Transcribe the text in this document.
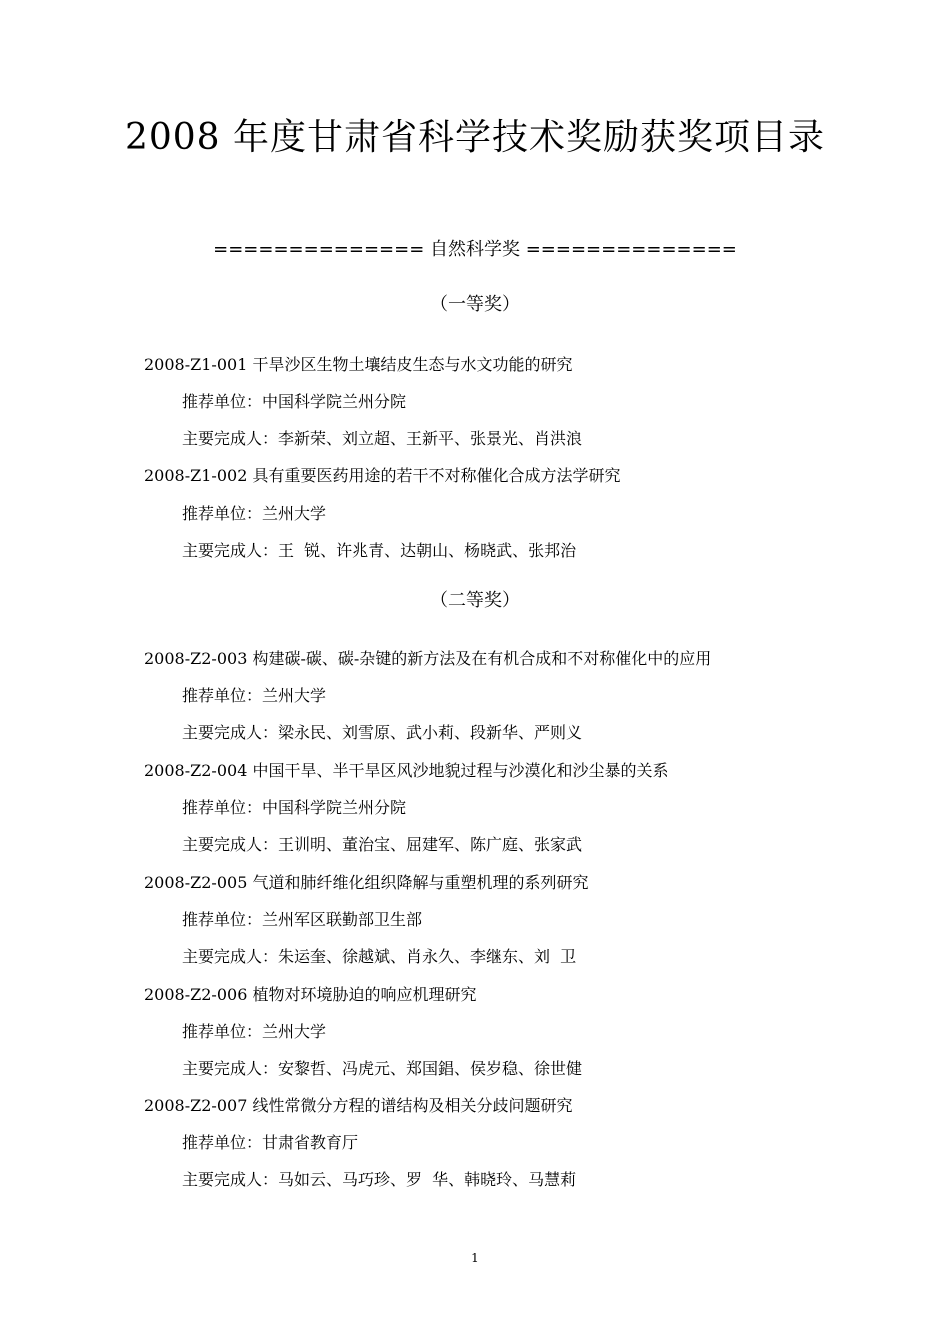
2008 年度甘肃省科学技术奖励获奖项目录
============== 自然科学奖 ==============
（一等奖）
2008-Z1-001 干旱沙区生物土壤结皮生态与水文功能的研究
推荐单位：中国科学院兰州分院
主要完成人：李新荣、刘立超、王新平、张景光、肖洪浪
2008-Z1-002 具有重要医药用途的若干不对称催化合成方法学研究
推荐单位：兰州大学
主要完成人：王  锐、许兆青、达朝山、杨晓武、张邦治
（二等奖）
2008-Z2-003 构建碳-碳、碳-杂键的新方法及在有机合成和不对称催化中的应用
推荐单位：兰州大学
主要完成人：梁永民、刘雪原、武小莉、段新华、严则义
2008-Z2-004 中国干旱、半干旱区风沙地貌过程与沙漠化和沙尘暴的关系
推荐单位：中国科学院兰州分院
主要完成人：王训明、董治宝、屈建军、陈广庭、张家武
2008-Z2-005 气道和肺纤维化组织降解与重塑机理的系列研究
推荐单位：兰州军区联勤部卫生部
主要完成人：朱运奎、徐越斌、肖永久、李继东、刘  卫
2008-Z2-006 植物对环境胁迫的响应机理研究
推荐单位：兰州大学
主要完成人：安黎哲、冯虎元、郑国錩、侯岁稳、徐世健
2008-Z2-007 线性常微分方程的谱结构及相关分歧问题研究
推荐单位：甘肃省教育厅
主要完成人：马如云、马巧珍、罗  华、韩晓玲、马慧莉
1
